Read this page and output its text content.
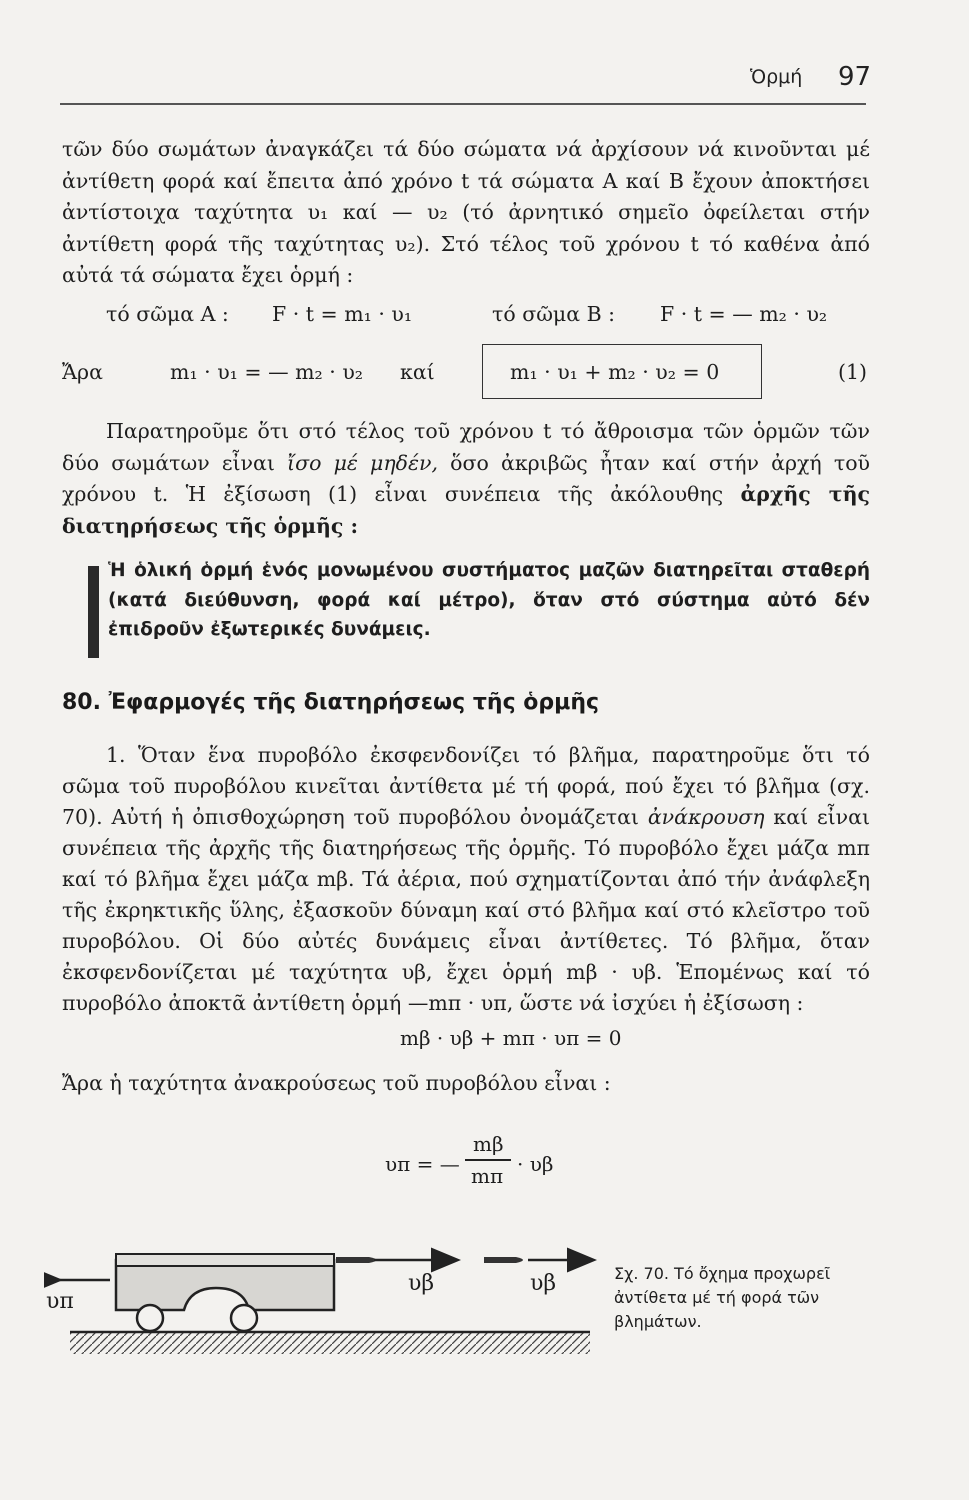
Ὁρμή 97
τῶν δύο σωμάτων ἀναγκάζει τά δύο σώματα νά ἀρχίσουν νά κινοῦνται μέ ἀντίθετη φορά καί ἔπειτα ἀπό χρόνο t τά σώματα Α καί Β ἔχουν ἀποκτήσει ἀντίστοιχα ταχύτητα υ₁ καί — υ₂ (τό ἀρνητικό σημεῖο ὀφείλεται στήν ἀντίθετη φορά τῆς ταχύτητας υ₂). Στό τέλος τοῦ χρόνου t τό καθένα ἀπό αὐτά τά σώματα ἔχει ὁρμή :
τό σῶμα Α : F · t = m₁ · υ₁	τό σῶμα Β : F · t = — m₂ · υ₂
Ἄρα	m₁ · υ₁ = — m₂ · υ₂ καί	m₁ · υ₁ + m₂ · υ₂ = 0	(1)
Παρατηροῦμε ὅτι στό τέλος τοῦ χρόνου t τό ἄθροισμα τῶν ὁρμῶν τῶν δύο σωμάτων εἶναι ἴσο μέ μηδέν, ὅσο ἀκριβῶς ἦταν καί στήν ἀρχή τοῦ χρόνου t. Ἡ ἐξίσωση (1) εἶναι συνέπεια τῆς ἀκόλουθης ἀρχῆς τῆς διατηρήσεως τῆς ὁρμῆς :
Ἡ ὁλική ὁρμή ἑνός μονωμένου συστήματος μαζῶν διατηρεῖται σταθερή (κατά διεύθυνση, φορά καί μέτρο), ὅταν στό σύστημα αὐτό δέν ἐπιδροῦν ἐξωτερικές δυνάμεις.
80. Ἐφαρμογές τῆς διατηρήσεως τῆς ὁρμῆς
1. Ὅταν ἕνα πυροβόλο ἐκσφενδονίζει τό βλῆμα, παρατηροῦμε ὅτι τό σῶμα τοῦ πυροβόλου κινεῖται ἀντίθετα μέ τή φορά, πού ἔχει τό βλῆμα (σχ. 70). Αὐτή ἡ ὀπισθοχώρηση τοῦ πυροβόλου ὀνομάζεται ἀνάκρουση καί εἶναι συνέπεια τῆς ἀρχῆς τῆς διατηρήσεως τῆς ὁρμῆς. Τό πυροβόλο ἔχει μάζα mπ καί τό βλῆμα ἔχει μάζα mβ. Τά ἀέρια, πού σχηματίζονται ἀπό τήν ἀνάφλεξη τῆς ἐκρηκτικῆς ὕλης, ἐξασκοῦν δύναμη καί στό βλῆμα καί στό κλεῖστρο τοῦ πυροβόλου. Οἱ δύο αὐτές δυνάμεις εἶναι ἀντίθετες. Τό βλῆμα, ὅταν ἐκσφενδονίζεται μέ ταχύτητα υβ, ἔχει ὁρμή mβ · υβ. Ἑπομένως καί τό πυροβόλο ἀποκτᾶ ἀντίθετη ὁρμή —mπ · υπ, ὥστε νά ἰσχύει ἡ ἐξίσωση :
mβ · υβ + mπ · υπ = 0
Ἄρα ἡ ταχύτητα ἀνακρούσεως τοῦ πυροβόλου εἶναι :
υπ = —
mβ
mπ · υβ
υπ
υβ	υβ	Σχ. 70. Τό ὄχημα προχωρεῖ ἀντίθετα μέ τή φορά τῶν βλημάτων.
